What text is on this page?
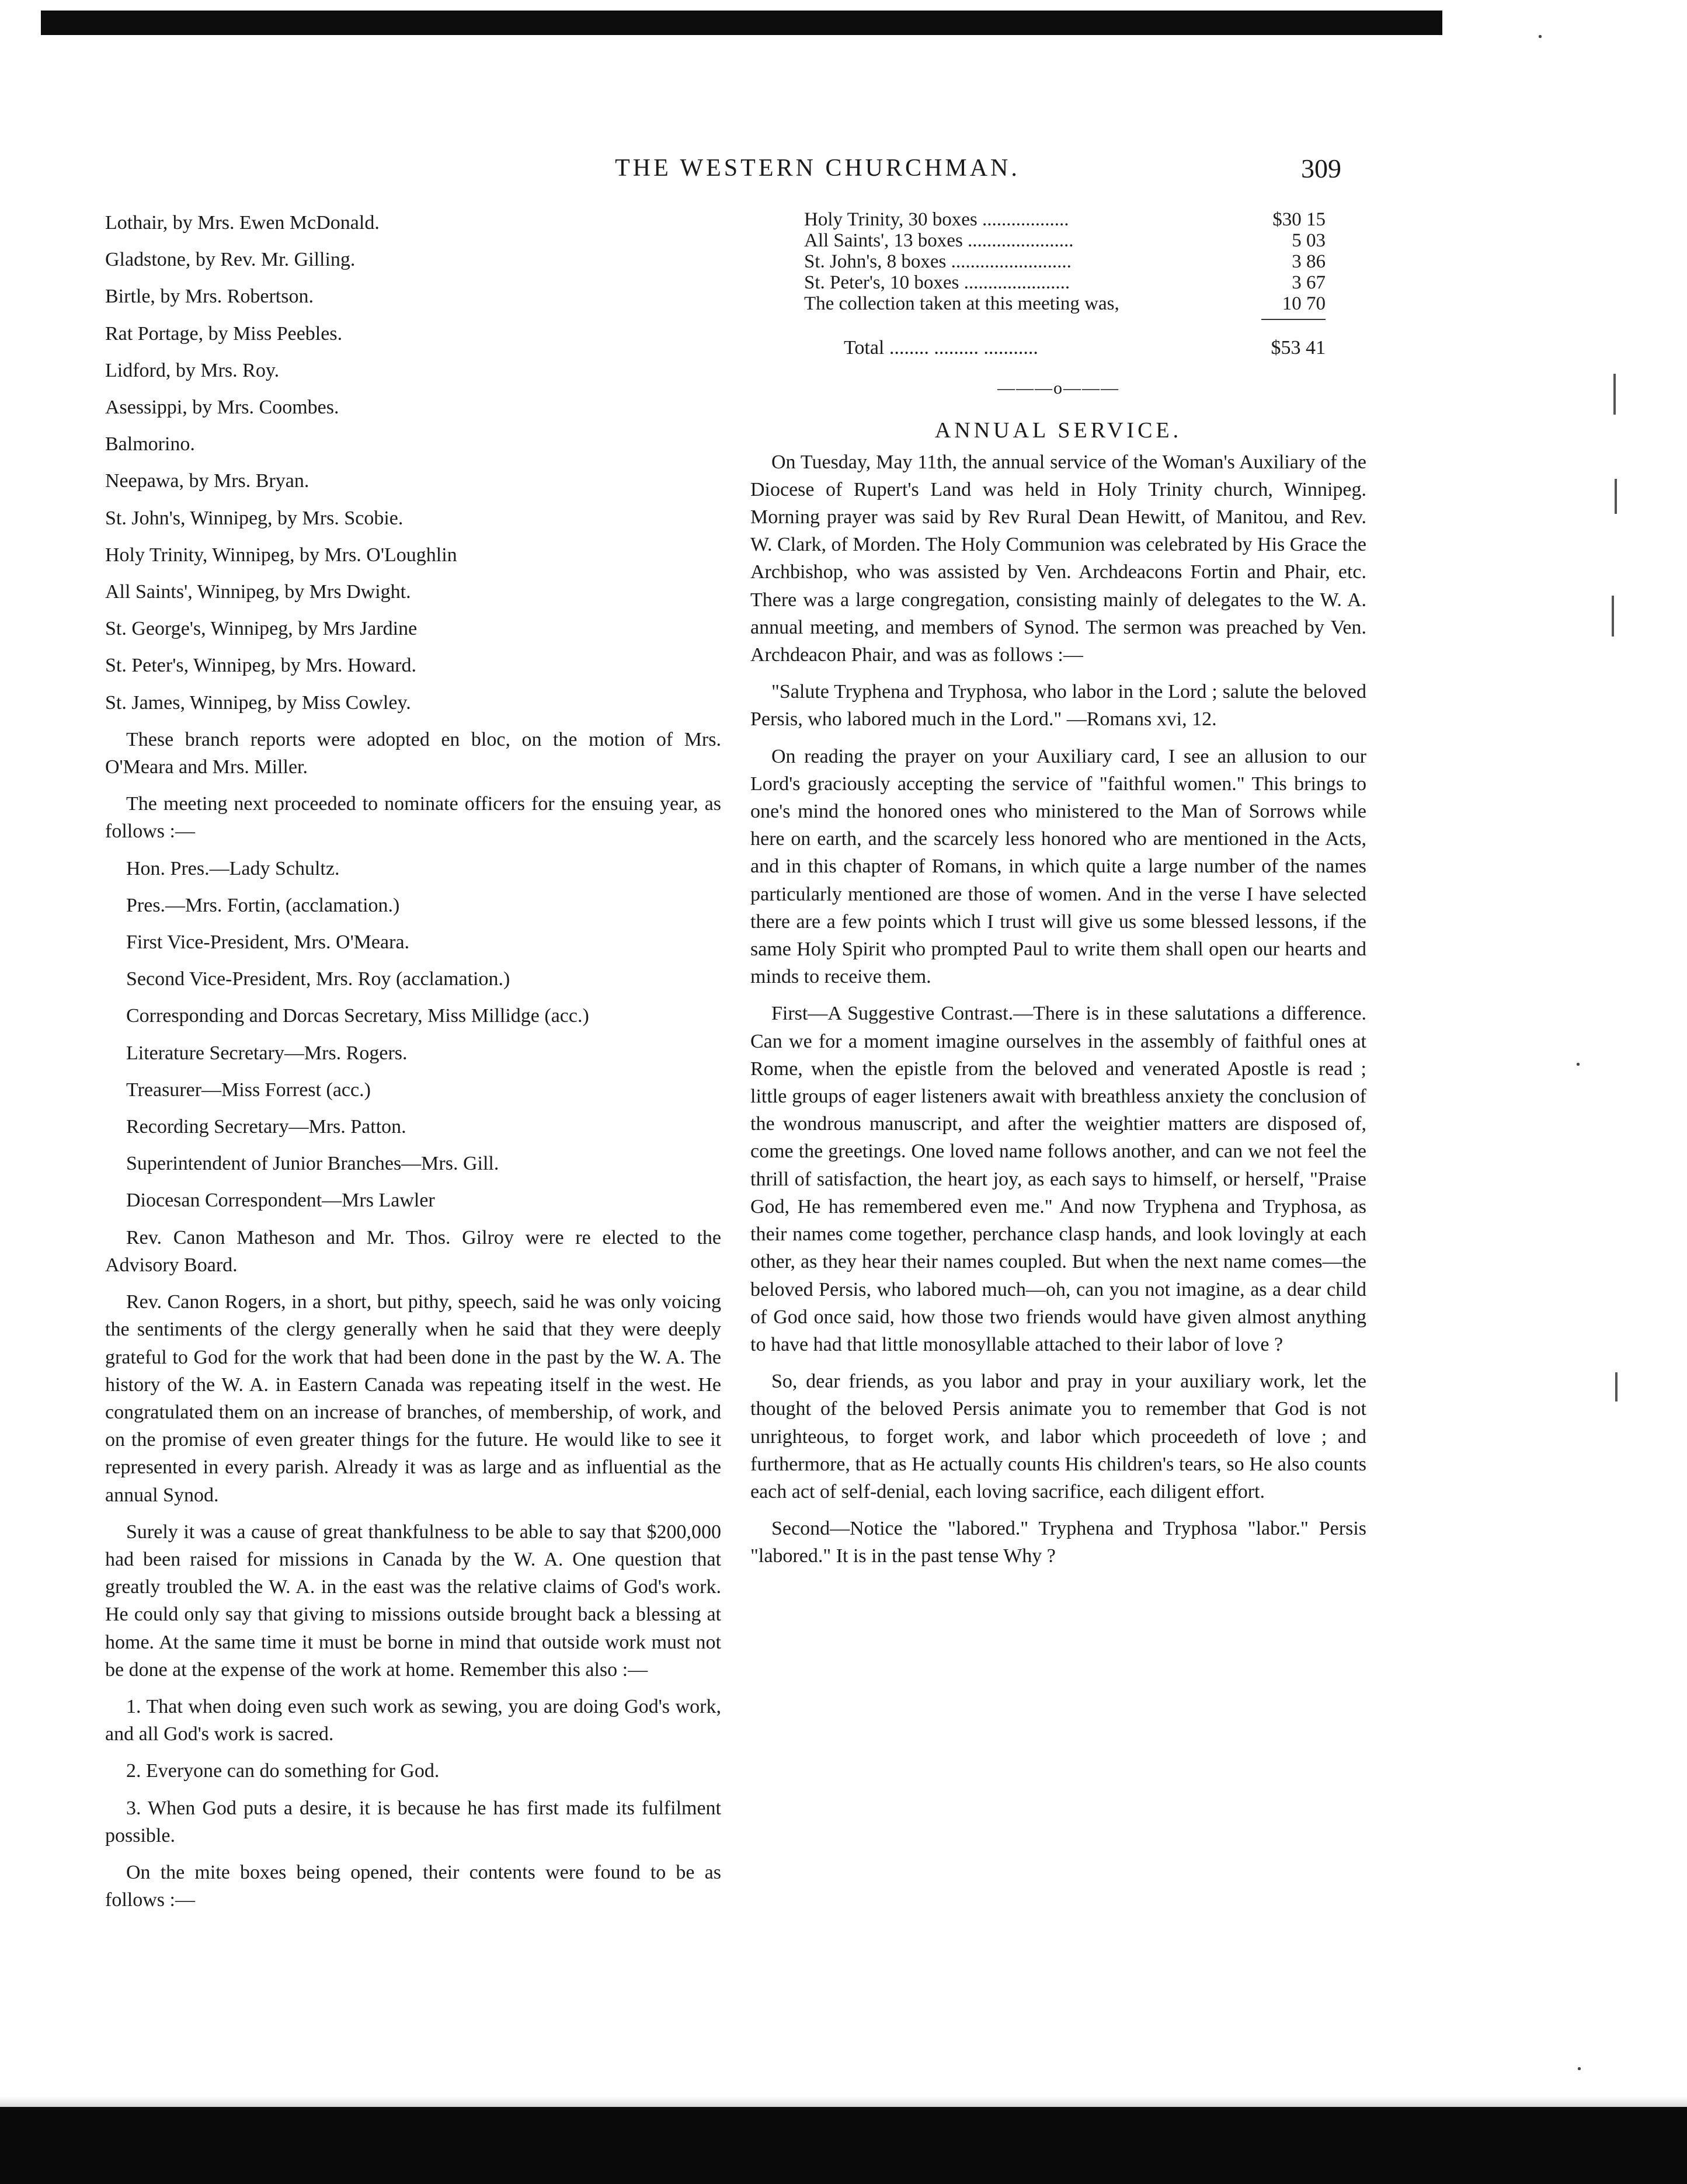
THE WESTERN CHURCHMAN.	309

Lothair, by Mrs. Ewen McDonald.

Gladstone, by Rev. Mr. Gilling.

Birtle, by Mrs. Robertson.

Rat Portage, by Miss Peebles.

Lidford, by Mrs. Roy.

Asessippi, by Mrs. Coombes.

Balmorino.

Neepawa, by Mrs. Bryan.

St. John's, Winnipeg, by Mrs. Scobie.

Holy Trinity, Winnipeg, by Mrs. O'Loughlin

All Saints', Winnipeg, by Mrs Dwight.

St. George's, Winnipeg, by Mrs Jardine

St. Peter's, Winnipeg, by Mrs. Howard.

St. James, Winnipeg, by Miss Cowley.

These branch reports were adopted en bloc, on the motion of Mrs. O'Meara and Mrs. Miller.

The meeting next proceeded to nominate officers for the ensuing year, as follows :—

Hon. Pres.—Lady Schultz.

Pres.—Mrs. Fortin, (acclamation.)

First Vice-President, Mrs. O'Meara.

Second Vice-President, Mrs. Roy (acclamation.)

Corresponding and Dorcas Secretary, Miss Millidge (acc.)

Literature Secretary—Mrs. Rogers.

Treasurer—Miss Forrest (acc.)

Recording Secretary—Mrs. Patton.

Superintendent of Junior Branches—Mrs. Gill.

Diocesan Correspondent—Mrs Lawler

Rev. Canon Matheson and Mr. Thos. Gilroy were re elected to the Advisory Board.

Rev. Canon Rogers, in a short, but pithy, speech, said he was only voicing the sentiments of the clergy generally when he said that they were deeply grateful to God for the work that had been done in the past by the W. A. The history of the W. A. in Eastern Canada was repeating itself in the west. He congratulated them on an increase of branches, of membership, of work, and on the promise of even greater things for the future. He would like to see it represented in every parish. Already it was as large and as influential as the annual Synod.

Surely it was a cause of great thankfulness to be able to say that $200,000 had been raised for missions in Canada by the W. A. One question that greatly troubled the W. A. in the east was the relative claims of God's work. He could only say that giving to missions outside brought back a blessing at home. At the same time it must be borne in mind that outside work must not be done at the expense of the work at home. Remember this also :—

1. That when doing even such work as sewing, you are doing God's work, and all God's work is sacred.

2. Everyone can do something for God.

3. When God puts a desire, it is because he has first made its fulfilment possible.

On the mite boxes being opened, their contents were found to be as follows :—

Holy Trinity, 30 boxes ..................	$30 15
All Saints', 13 boxes ......................	5 03
St. John's, 8 boxes .........................	3 86
St. Peter's, 10 boxes ......................	3 67
The collection taken at this meeting was,	10 70
Total ........ ......... ...........	$53 41
———o———
ANNUAL SERVICE.

On Tuesday, May 11th, the annual service of the Woman's Auxiliary of the Diocese of Rupert's Land was held in Holy Trinity church, Winnipeg. Morning prayer was said by Rev Rural Dean Hewitt, of Manitou, and Rev. W. Clark, of Morden. The Holy Communion was celebrated by His Grace the Archbishop, who was assisted by Ven. Archdeacons Fortin and Phair, etc. There was a large congregation, consisting mainly of delegates to the W. A. annual meeting, and members of Synod. The sermon was preached by Ven. Archdeacon Phair, and was as follows :—

"Salute Tryphena and Tryphosa, who labor in the Lord ; salute the beloved Persis, who labored much in the Lord." —Romans xvi, 12.

On reading the prayer on your Auxiliary card, I see an allusion to our Lord's graciously accepting the service of "faithful women." This brings to one's mind the honored ones who ministered to the Man of Sorrows while here on earth, and the scarcely less honored who are mentioned in the Acts, and in this chapter of Romans, in which quite a large number of the names particularly mentioned are those of women. And in the verse I have selected there are a few points which I trust will give us some blessed lessons, if the same Holy Spirit who prompted Paul to write them shall open our hearts and minds to receive them.

First—A Suggestive Contrast.—There is in these salutations a difference. Can we for a moment imagine ourselves in the assembly of faithful ones at Rome, when the epistle from the beloved and venerated Apostle is read ; little groups of eager listeners await with breathless anxiety the conclusion of the wondrous manuscript, and after the weightier matters are disposed of, come the greetings. One loved name follows another, and can we not feel the thrill of satisfaction, the heart joy, as each says to himself, or herself, "Praise God, He has remembered even me." And now Tryphena and Tryphosa, as their names come together, perchance clasp hands, and look lovingly at each other, as they hear their names coupled. But when the next name comes—the beloved Persis, who labored much—oh, can you not imagine, as a dear child of God once said, how those two friends would have given almost anything to have had that little monosyllable attached to their labor of love ?

So, dear friends, as you labor and pray in your auxiliary work, let the thought of the beloved Persis animate you to remember that God is not unrighteous, to forget work, and labor which proceedeth of love ; and furthermore, that as He actually counts His children's tears, so He also counts each act of self-denial, each loving sacrifice, each diligent effort.

Second—Notice the "labored." Tryphena and Tryphosa "labor." Persis "labored." It is in the past tense Why ?
